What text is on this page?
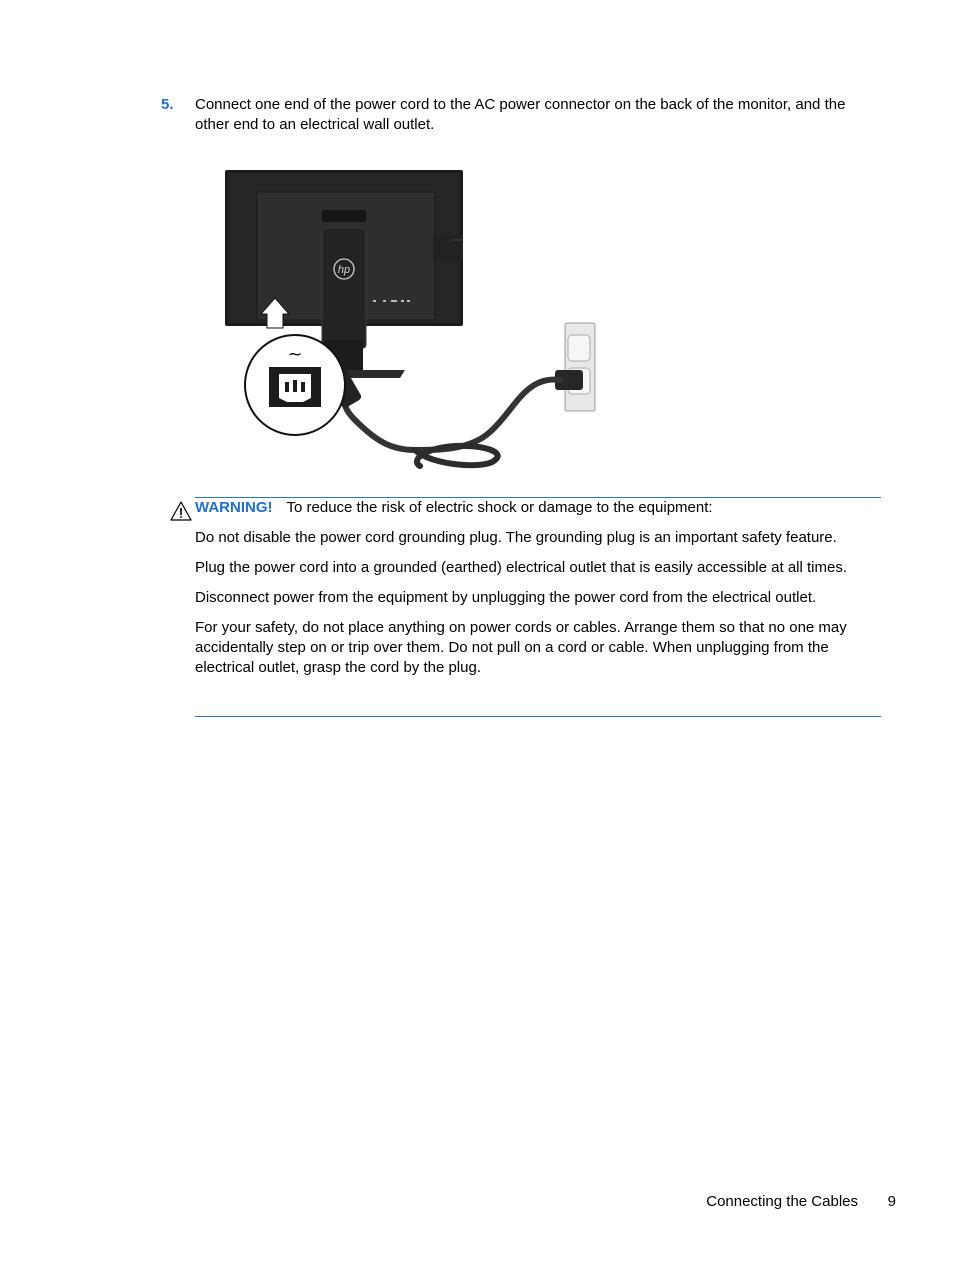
5. Connect one end of the power cord to the AC power connector on the back of the monitor, and the other end to an electrical wall outlet.
hp
~
WARNING! To reduce the risk of electric shock or damage to the equipment:

Do not disable the power cord grounding plug. The grounding plug is an important safety feature.

Plug the power cord into a grounded (earthed) electrical outlet that is easily accessible at all times.

Disconnect power from the equipment by unplugging the power cord from the electrical outlet.

For your safety, do not place anything on power cords or cables. Arrange them so that no one may accidentally step on or trip over them. Do not pull on a cord or cable. When unplugging from the electrical outlet, grasp the cord by the plug.

Connecting the Cables 9
